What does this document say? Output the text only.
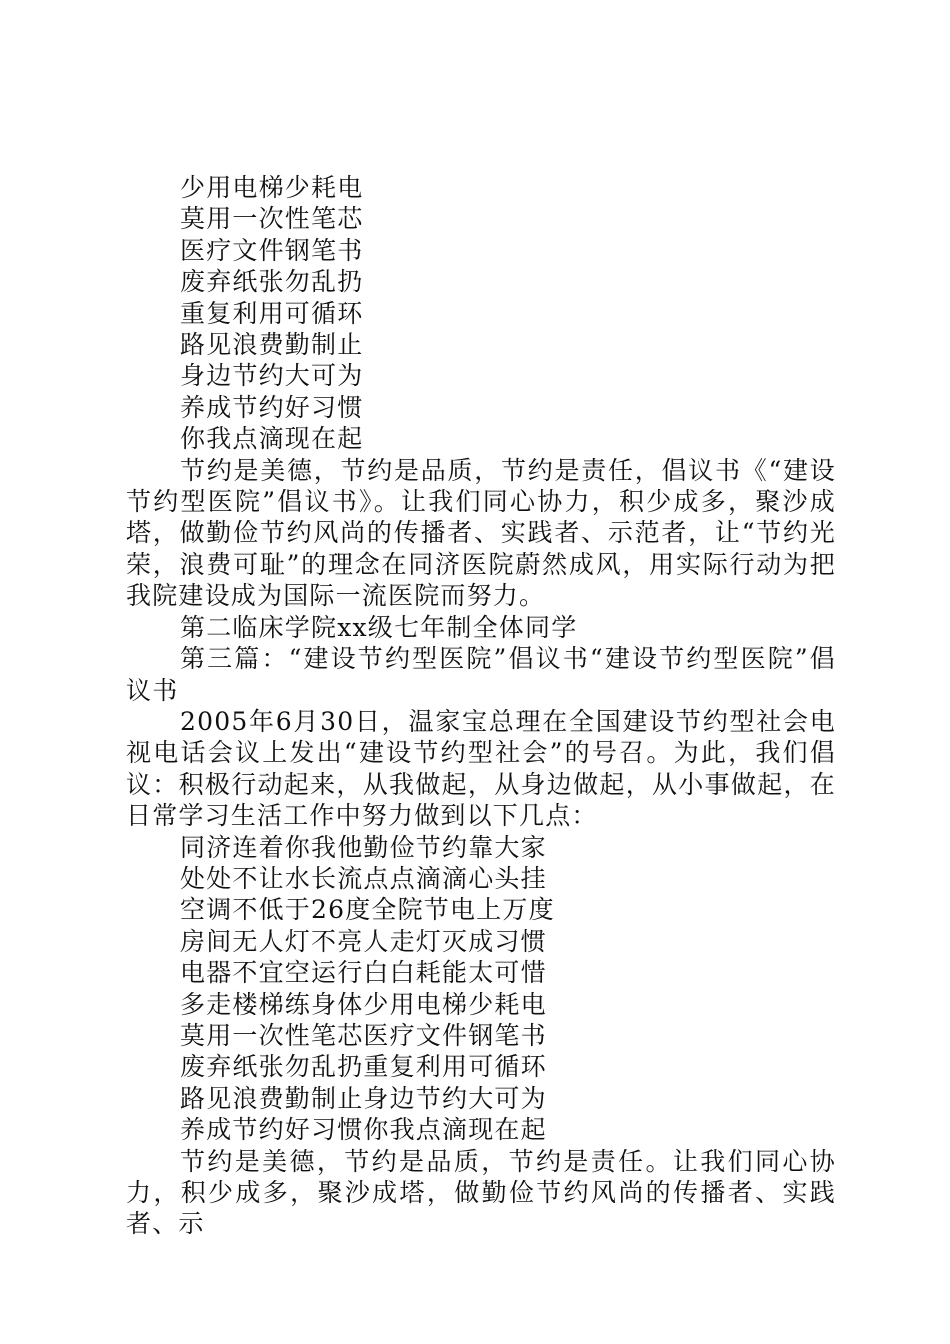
少用电梯少耗电

莫用一次性笔芯

医疗文件钢笔书

废弃纸张勿乱扔

重复利用可循环

路见浪费勤制止

身边节约大可为

养成节约好习惯

你我点滴现在起

节约是美德，节约是品质，节约是责任，倡议书《“建设节约型医院”倡议书》。让我们同心协力，积少成多，聚沙成塔，做勤俭节约风尚的传播者、实践者、示范者，让“节约光荣，浪费可耻”的理念在同济医院蔚然成风，用实际行动为把我院建设成为国际一流医院而努力。

第二临床学院xx级七年制全体同学

第三篇：“建设节约型医院”倡议书“建设节约型医院”倡议书

2005年6月30日，温家宝总理在全国建设节约型社会电视电话会议上发出“建设节约型社会”的号召。为此，我们倡议：积极行动起来，从我做起，从身边做起，从小事做起，在日常学习生活工作中努力做到以下几点：

同济连着你我他勤俭节约靠大家

处处不让水长流点点滴滴心头挂

空调不低于26度全院节电上万度

房间无人灯不亮人走灯灭成习惯

电器不宜空运行白白耗能太可惜

多走楼梯练身体少用电梯少耗电

莫用一次性笔芯医疗文件钢笔书

废弃纸张勿乱扔重复利用可循环

路见浪费勤制止身边节约大可为

养成节约好习惯你我点滴现在起

节约是美德，节约是品质，节约是责任。让我们同心协力，积少成多，聚沙成塔，做勤俭节约风尚的传播者、实践者、示
